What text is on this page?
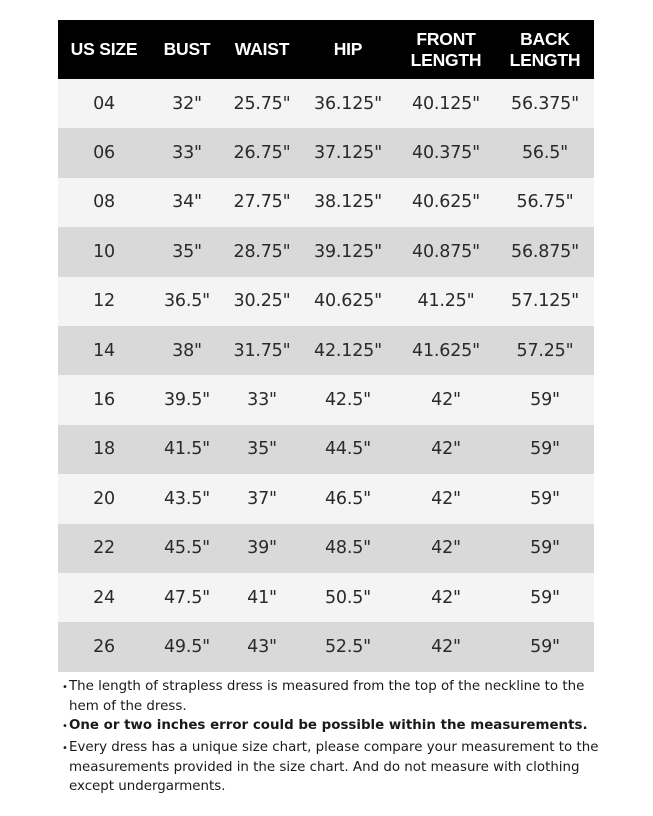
US SIZE	BUST	WAIST	HIP	FRONT LENGTH	BACK LENGTH
04	32"	25.75"	36.125"	40.125"	56.375"
06	33"	26.75"	37.125"	40.375"	56.5"
08	34"	27.75"	38.125"	40.625"	56.75"
10	35"	28.75"	39.125"	40.875"	56.875"
12	36.5"	30.25"	40.625"	41.25"	57.125"
14	38"	31.75"	42.125"	41.625"	57.25"
16	39.5"	33"	42.5"	42"	59"
18	41.5"	35"	44.5"	42"	59"
20	43.5"	37"	46.5"	42"	59"
22	45.5"	39"	48.5"	42"	59"
24	47.5"	41"	50.5"	42"	59"
26	49.5"	43"	52.5"	42"	59"
• The length of strapless dress is measured from the top of the neckline to the hem of the dress.
• One or two inches error could be possible within the measurements.
• Every dress has a unique size chart, please compare your measurement to the measurements provided in the size chart. And do not measure with clothing except undergarments.
